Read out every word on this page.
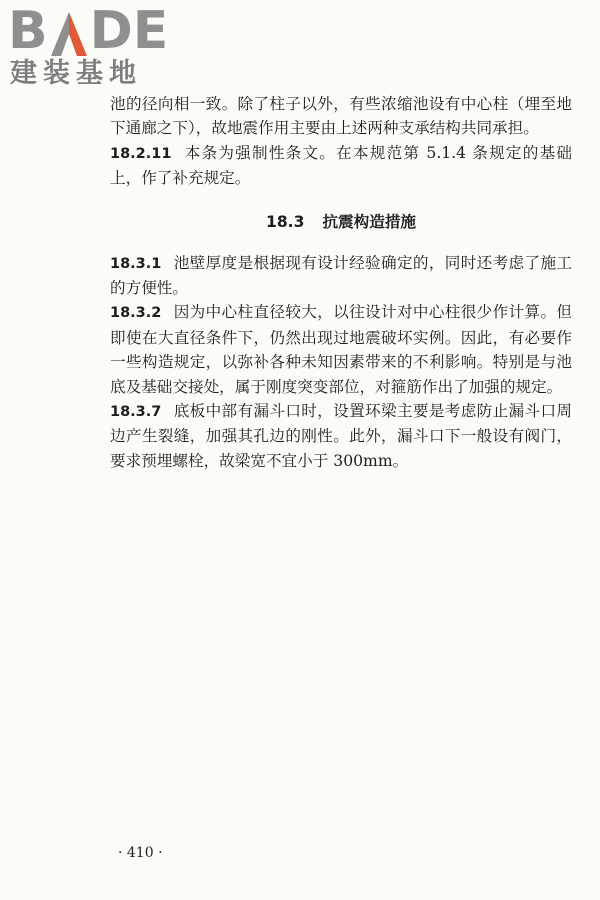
B DE
建装基地

池的径向相一致。除了柱子以外，有些浓缩池设有中心柱（埋至地下通廊之下），故地震作用主要由上述两种支承结构共同承担。

18.2.11 本条为强制性条文。在本规范第 5.1.4 条规定的基础上，作了补充规定。

18.3 抗震构造措施

18.3.1 池壁厚度是根据现有设计经验确定的，同时还考虑了施工的方便性。

18.3.2 因为中心柱直径较大，以往设计对中心柱很少作计算。但即使在大直径条件下，仍然出现过地震破坏实例。因此，有必要作一些构造规定，以弥补各种未知因素带来的不利影响。特别是与池底及基础交接处，属于刚度突变部位，对箍筋作出了加强的规定。

18.3.7 底板中部有漏斗口时，设置环梁主要是考虑防止漏斗口周边产生裂缝，加强其孔边的刚性。此外，漏斗口下一般设有阀门，要求预埋螺栓，故梁宽不宜小于 300mm。

· 410 ·
